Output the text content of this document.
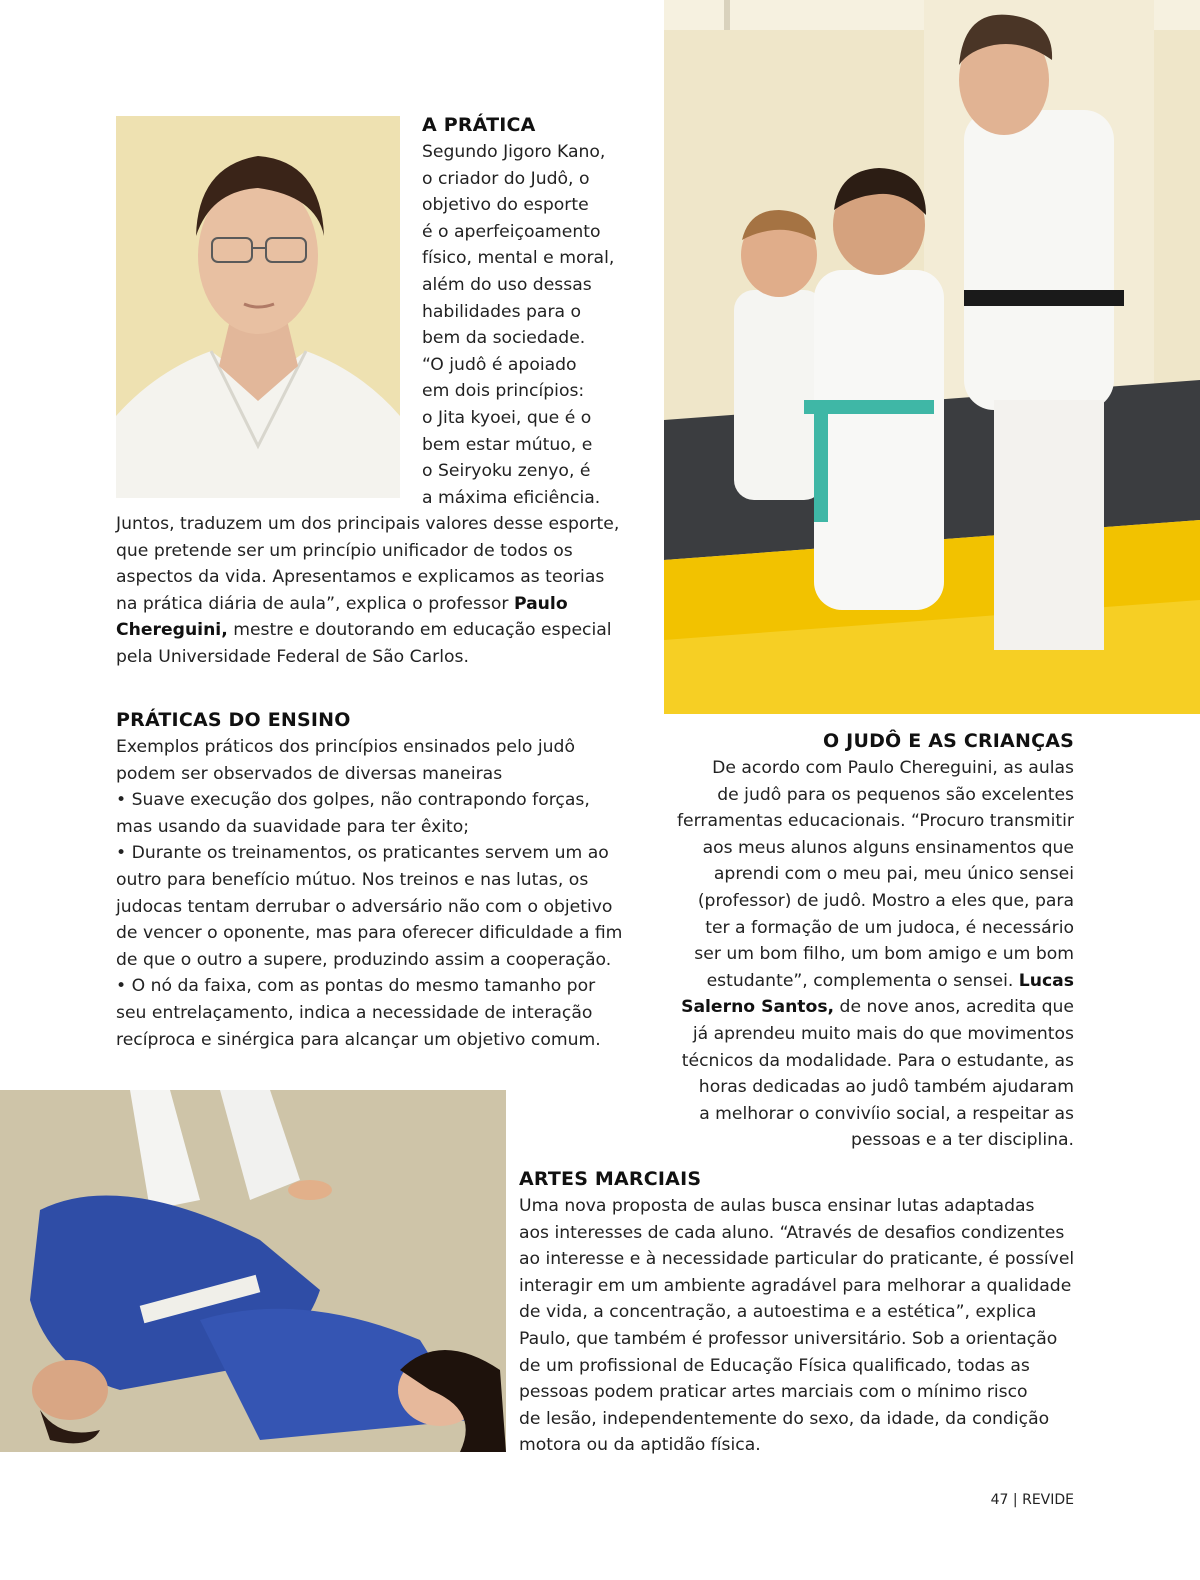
A PRÁTICA
Segundo Jigoro Kano,
o criador do Judô, o
objetivo do esporte
é o aperfeiçoamento
físico, mental e moral,
além do uso dessas
habilidades para o
bem da sociedade.
“O judô é apoiado
em dois princípios:
o Jita kyoei, que é o
bem estar mútuo, e
o Seiryoku zenyo, é
a máxima eficiência.
Juntos, traduzem um dos principais valores desse esporte,
que pretende ser um princípio unificador de todos os
aspectos da vida. Apresentamos e explicamos as teorias
na prática diária de aula”, explica o professor Paulo
Chereguini, mestre e doutorando em educação especial
pela Universidade Federal de São Carlos.
PRÁTICAS DO ENSINO
Exemplos práticos dos princípios ensinados pelo judô
podem ser observados de diversas maneiras
• Suave execução dos golpes, não contrapondo forças,
mas usando da suavidade para ter êxito;
• Durante os treinamentos, os praticantes servem um ao
outro para benefício mútuo. Nos treinos e nas lutas, os
judocas tentam derrubar o adversário não com o objetivo
de vencer o oponente, mas para oferecer dificuldade a fim
de que o outro a supere, produzindo assim a cooperação.
• O nó da faixa, com as pontas do mesmo tamanho por
seu entrelaçamento, indica a necessidade de interação
recíproca e sinérgica para alcançar um objetivo comum.
O JUDÔ E AS CRIANÇAS
De acordo com Paulo Chereguini, as aulas
de judô para os pequenos são excelentes
ferramentas educacionais. “Procuro transmitir
aos meus alunos alguns ensinamentos que
aprendi com o meu pai, meu único sensei
(professor) de judô. Mostro a eles que, para
ter a formação de um judoca, é necessário
ser um bom filho, um bom amigo e um bom
estudante”, complementa o sensei. Lucas
Salerno Santos, de nove anos, acredita que
já aprendeu muito mais do que movimentos
técnicos da modalidade. Para o estudante, as
horas dedicadas ao judô também ajudaram
a melhorar o convivíio social, a respeitar as
pessoas e a ter disciplina.
ARTES MARCIAIS
Uma nova proposta de aulas busca ensinar lutas adaptadas
aos interesses de cada aluno. “Através de desafios condizentes
ao interesse e à necessidade particular do praticante, é possível
interagir em um ambiente agradável para melhorar a qualidade
de vida, a concentração, a autoestima e a estética”, explica
Paulo, que também é professor universitário. Sob a orientação
de um profissional de Educação Física qualificado, todas as
pessoas podem praticar artes marciais com o mínimo risco
de lesão, independentemente do sexo, da idade, da condição
motora ou da aptidão física.
47 | REVIDE
